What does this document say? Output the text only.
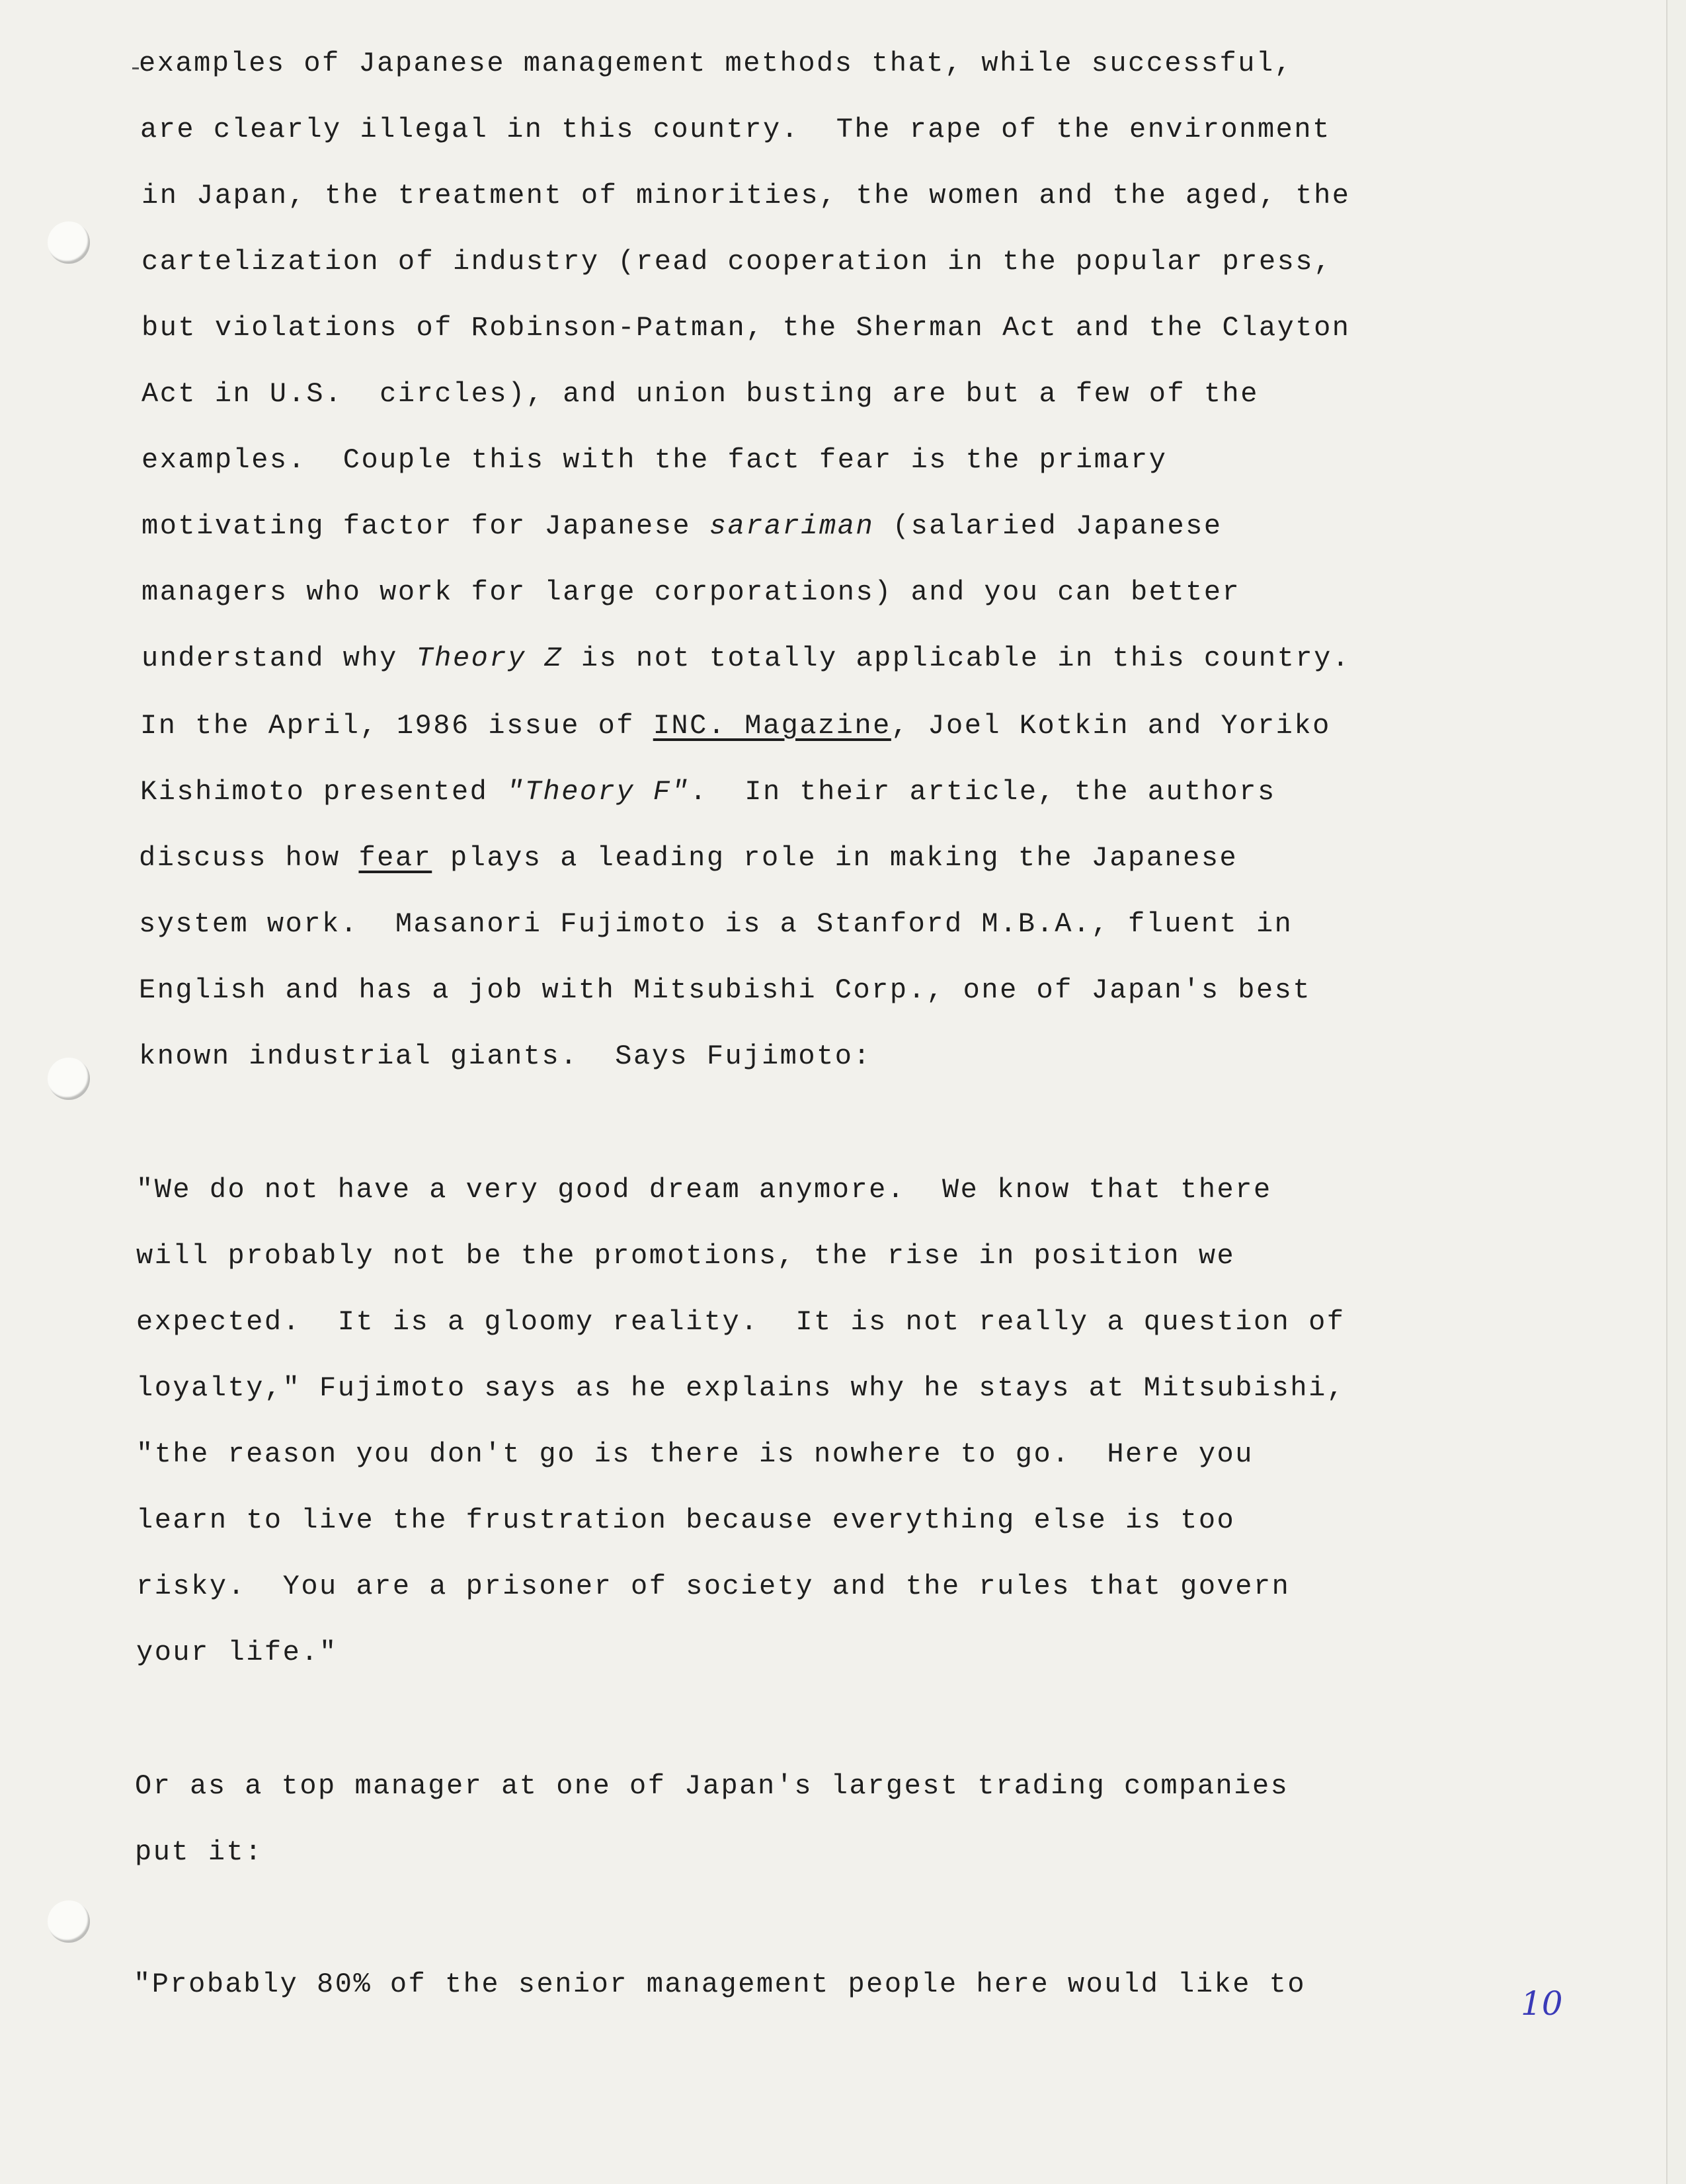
examples of Japanese management methods that, while successful,
are clearly illegal in this country.  The rape of the environment
in Japan, the treatment of minorities, the women and the aged, the
cartelization of industry (read cooperation in the popular press,
but violations of Robinson-Patman, the Sherman Act and the Clayton
Act in U.S.  circles), and union busting are but a few of the
examples.  Couple this with the fact fear is the primary
motivating factor for Japanese sarariman (salaried Japanese
managers who work for large corporations) and you can better
understand why Theory Z is not totally applicable in this country.
In the April, 1986 issue of INC. Magazine, Joel Kotkin and Yoriko
Kishimoto presented "Theory F".  In their article, the authors
discuss how fear plays a leading role in making the Japanese
system work.  Masanori Fujimoto is a Stanford M.B.A., fluent in
English and has a job with Mitsubishi Corp., one of Japan's best
known industrial giants.  Says Fujimoto:
"We do not have a very good dream anymore.  We know that there
will probably not be the promotions, the rise in position we
expected.  It is a gloomy reality.  It is not really a question of
loyalty," Fujimoto says as he explains why he stays at Mitsubishi,
"the reason you don't go is there is nowhere to go.  Here you
learn to live the frustration because everything else is too
risky.  You are a prisoner of society and the rules that govern
your life."
Or as a top manager at one of Japan's largest trading companies
put it:
"Probably 80% of the senior management people here would like to	10
